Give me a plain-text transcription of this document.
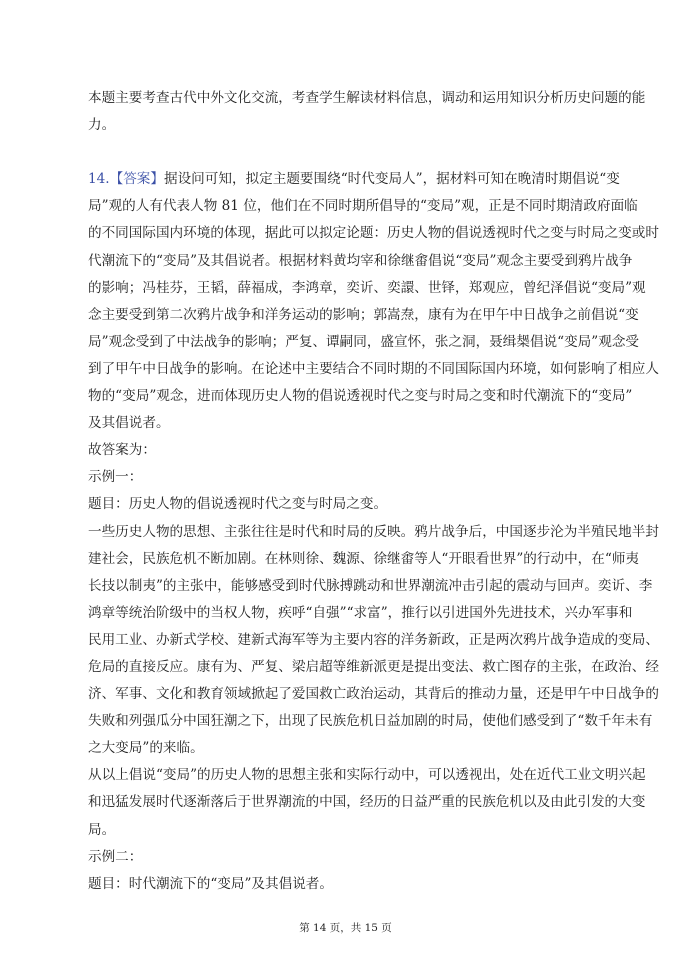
本题主要考查古代中外文化交流，考查学生解读材料信息，调动和运用知识分析历史问题的能
力。
14.【答案】据设问可知，拟定主题要围绕“时代变局人”，据材料可知在晚清时期倡说“变
局”观的人有代表人物 81 位，他们在不同时期所倡导的“变局”观，正是不同时期清政府面临
的不同国际国内环境的体现，据此可以拟定论题：历史人物的倡说透视时代之变与时局之变或时
代潮流下的“变局”及其倡说者。根据材料黄均宰和徐继畬倡说“变局”观念主要受到鸦片战争
的影响；冯桂芬，王韬，薛福成，李鸿章，奕䜣、奕譞、世铎，郑观应，曾纪泽倡说“变局”观
念主要受到第二次鸦片战争和洋务运动的影响；郭嵩焘，康有为在甲午中日战争之前倡说“变
局”观念受到了中法战争的影响；严复、谭嗣同，盛宣怀，张之洞，聂缉椝倡说“变局”观念受
到了甲午中日战争的影响。在论述中主要结合不同时期的不同国际国内环境，如何影响了相应人
物的“变局”观念，进而体现历史人物的倡说透视时代之变与时局之变和时代潮流下的“变局”
及其倡说者。
故答案为：
示例一：
题目：历史人物的倡说透视时代之变与时局之变。
一些历史人物的思想、主张往往是时代和时局的反映。鸦片战争后，中国逐步沦为半殖民地半封
建社会，民族危机不断加剧。在林则徐、魏源、徐继畬等人“开眼看世界”的行动中，在“师夷
长技以制夷”的主张中，能够感受到时代脉搏跳动和世界潮流冲击引起的震动与回声。奕䜣、李
鸿章等统治阶级中的当权人物，疾呼“自强”“求富”，推行以引进国外先进技术，兴办军事和
民用工业、办新式学校、建新式海军等为主要内容的洋务新政，正是两次鸦片战争造成的变局、
危局的直接反应。康有为、严复、梁启超等维新派更是提出变法、救亡图存的主张，在政治、经
济、军事、文化和教育领域掀起了爱国救亡政治运动，其背后的推动力量，还是甲午中日战争的
失败和列强瓜分中国狂潮之下，出现了民族危机日益加剧的时局，使他们感受到了“数千年未有
之大变局”的来临。
从以上倡说“变局”的历史人物的思想主张和实际行动中，可以透视出，处在近代工业文明兴起
和迅猛发展时代逐渐落后于世界潮流的中国，经历的日益严重的民族危机以及由此引发的大变
局。
示例二：
题目：时代潮流下的“变局”及其倡说者。
第 14 页，共 15 页
